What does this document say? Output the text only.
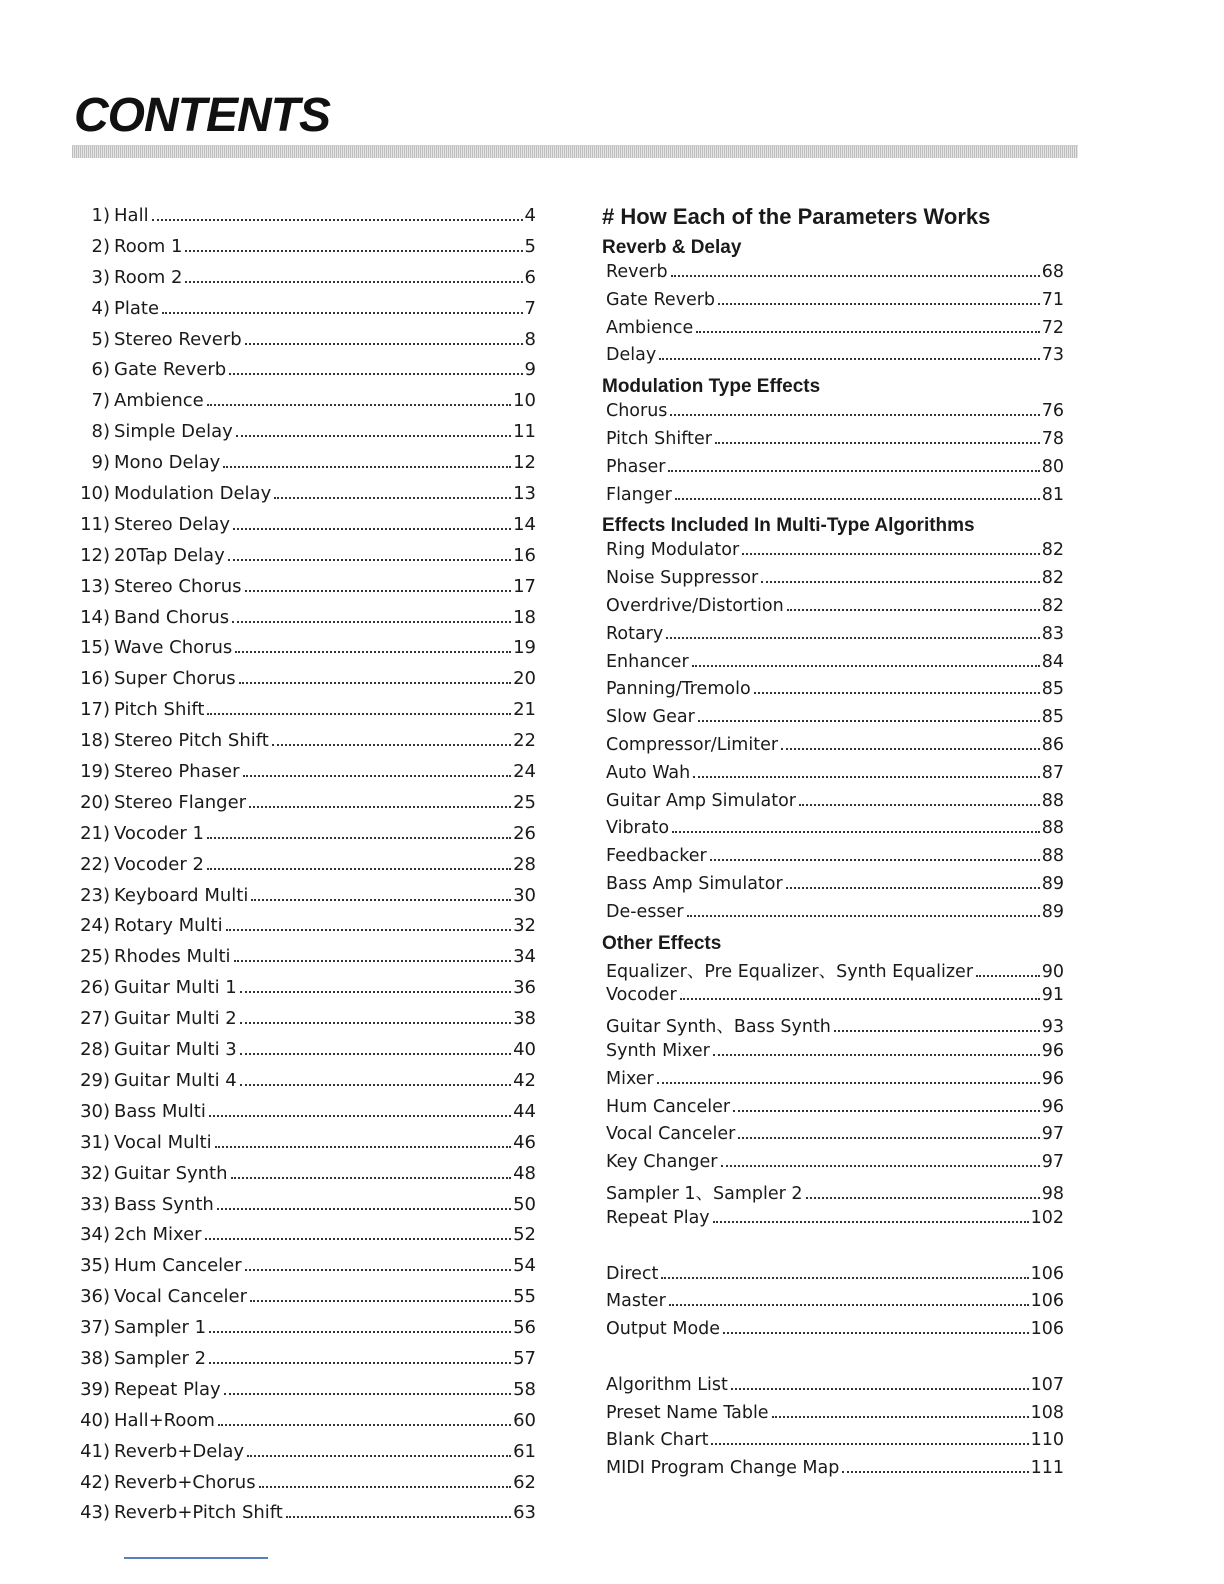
CONTENTS
1) Hall	4
2) Room 1	5
3) Room 2	6
4) Plate	7
5) Stereo Reverb	8
6) Gate Reverb	9
7) Ambience	10
8) Simple Delay	11
9) Mono Delay	12
10) Modulation Delay	13
11) Stereo Delay	14
12) 20Tap Delay	16
13) Stereo Chorus	17
14) Band Chorus	18
15) Wave Chorus	19
16) Super Chorus	20
17) Pitch Shift	21
18) Stereo Pitch Shift	22
19) Stereo Phaser	24
20) Stereo Flanger	25
21) Vocoder 1	26
22) Vocoder 2	28
23) Keyboard Multi	30
24) Rotary Multi	32
25) Rhodes Multi	34
26) Guitar Multi 1	36
27) Guitar Multi 2	38
28) Guitar Multi 3	40
29) Guitar Multi 4	42
30) Bass Multi	44
31) Vocal Multi	46
32) Guitar Synth	48
33) Bass Synth	50
34) 2ch Mixer	52
35) Hum Canceler	54
36) Vocal Canceler	55
37) Sampler 1	56
38) Sampler 2	57
39) Repeat Play	58
40) Hall+Room	60
41) Reverb+Delay	61
42) Reverb+Chorus	62
43) Reverb+Pitch Shift	63
# How Each of the Parameters Works
Reverb & Delay
Reverb	68
Gate Reverb	71
Ambience	72
Delay	73
Modulation Type Effects
Chorus	76
Pitch Shifter	78
Phaser	80
Flanger	81
Effects Included In Multi-Type Algorithms
Ring Modulator	82
Noise Suppressor	82
Overdrive/Distortion	82
Rotary	83
Enhancer	84
Panning/Tremolo	85
Slow Gear	85
Compressor/Limiter	86
Auto Wah	87
Guitar Amp Simulator	88
Vibrato	88
Feedbacker	88
Bass Amp Simulator	89
De-esser	89
Other Effects
Equalizer、Pre Equalizer、Synth Equalizer	90
Vocoder	91
Guitar Synth、Bass Synth	93
Synth Mixer	96
Mixer	96
Hum Canceler	96
Vocal Canceler	97
Key Changer	97
Sampler 1、Sampler 2	98
Repeat Play	102
Direct	106
Master	106
Output Mode	106
Algorithm List	107
Preset Name Table	108
Blank Chart	110
MIDI Program Change Map	111
